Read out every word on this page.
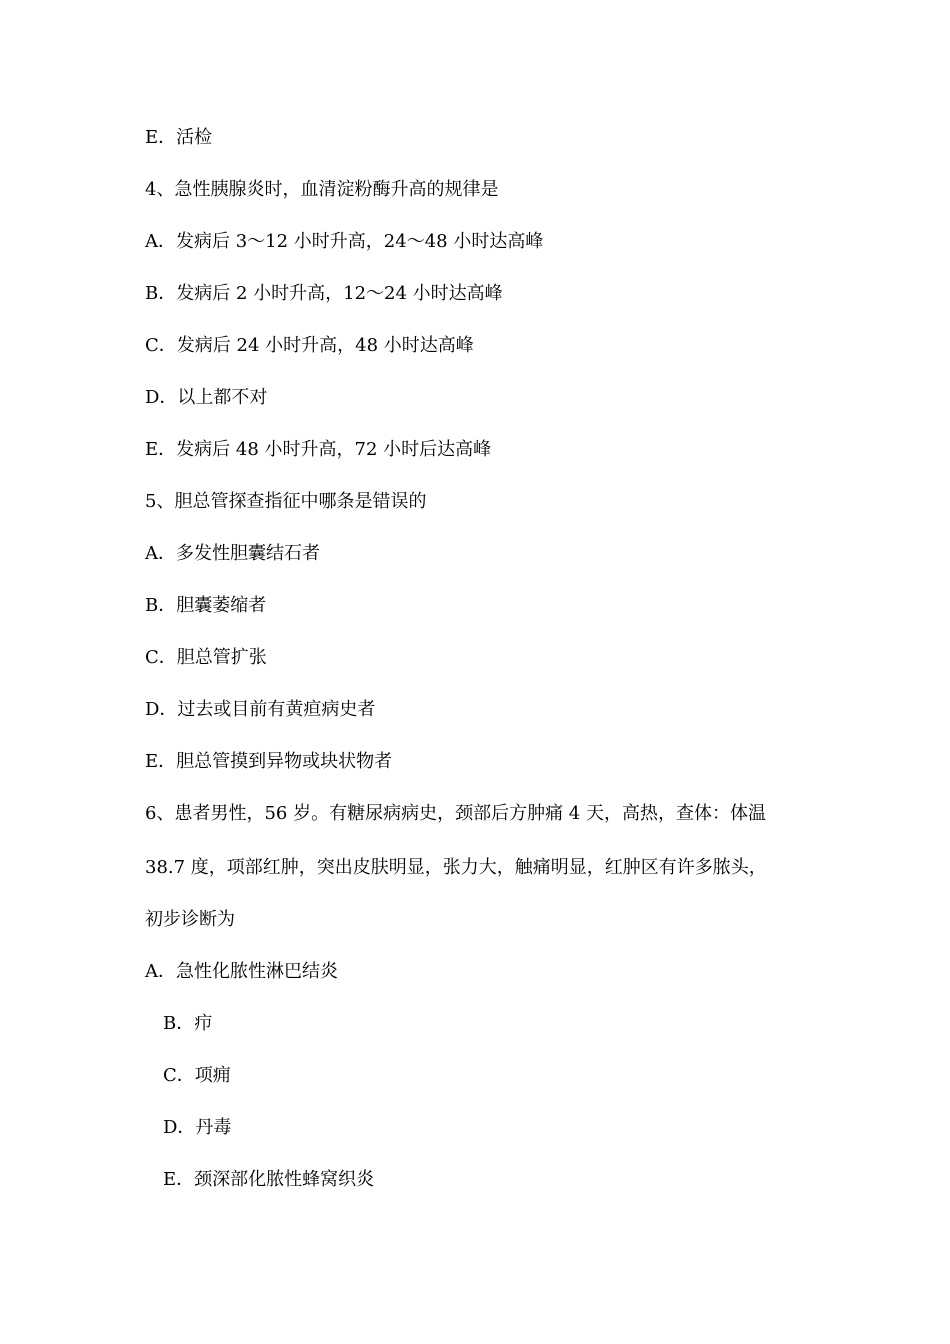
E．活检
4、急性胰腺炎时，血清淀粉酶升高的规律是
A．发病后 3～12 小时升高，24～48 小时达高峰
B．发病后 2 小时升高，12～24 小时达高峰
C．发病后 24 小时升高，48 小时达高峰
D．以上都不对
E．发病后 48 小时升高，72 小时后达高峰
5、胆总管探查指征中哪条是错误的
A．多发性胆囊结石者
B．胆囊萎缩者
C．胆总管扩张
D．过去或目前有黄疸病史者
E．胆总管摸到异物或块状物者
6、患者男性，56 岁。有糖尿病病史，颈部后方肿痛 4 天，高热，查体：体温
38.7 度，项部红肿，突出皮肤明显，张力大，触痛明显，红肿区有许多脓头，
初步诊断为
A．急性化脓性淋巴结炎
B．疖
C．项痈
D．丹毒
E．颈深部化脓性蜂窝织炎
